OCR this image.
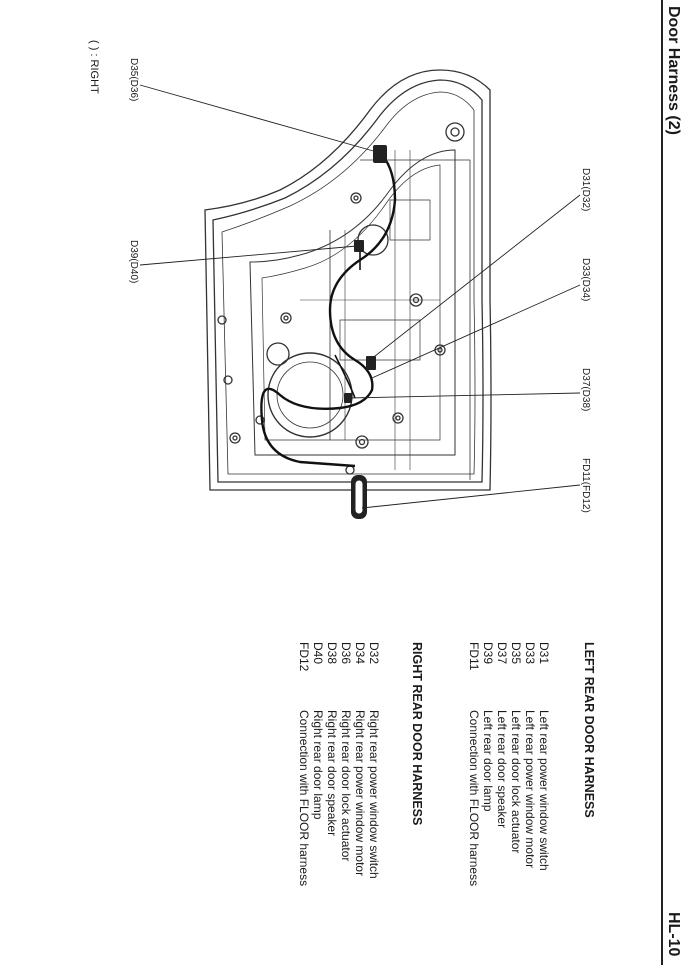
Door Harness (2)
HL-10
( ) : RIGHT	D35(D36)
D39(D40)
D31(D32)
D33(D34)
D37(D38)
FD11(FD12)
LEFT REAR DOOR HARNESS
D31Left rear power window switch
D33Left rear power window motor
D35Left rear door lock actuator
D37Left rear door speaker
D39Left rear door lamp
FD11Connection with FLOOR harness
RIGHT REAR DOOR HARNESS
D32Right rear power window switch
D34Right rear power window motor
D36Right rear door lock actuator
D38Right rear door speaker
D40Right rear door lamp
FD12Connection with FLOOR harness
